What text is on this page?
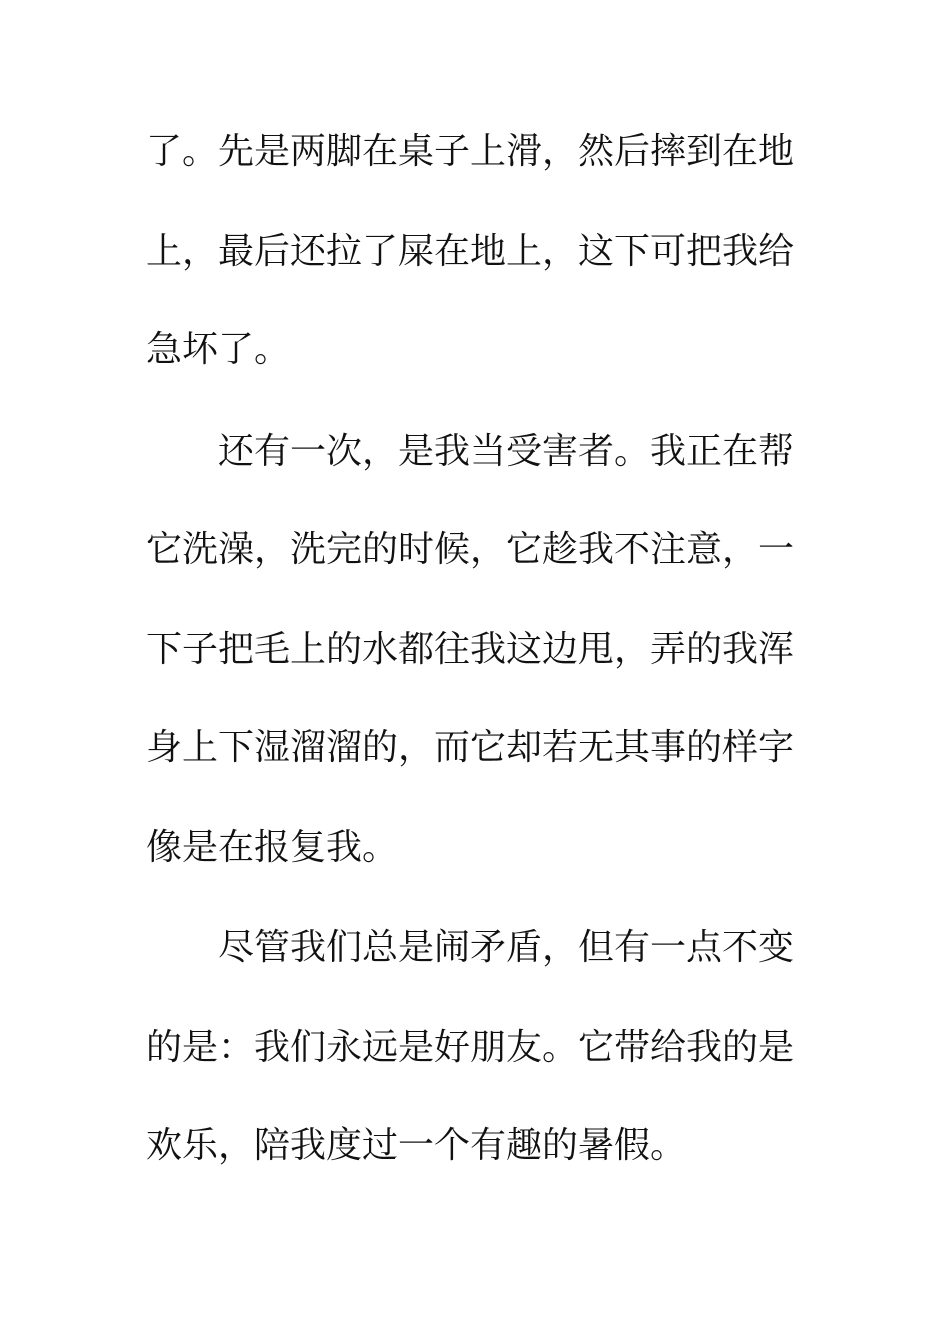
了。先是两脚在桌子上滑，然后摔到在地
上，最后还拉了屎在地上，这下可把我给
急坏了。
还有一次，是我当受害者。我正在帮
它洗澡，洗完的时候，它趁我不注意，一
下子把毛上的水都往我这边甩，弄的我浑
身上下湿溜溜的，而它却若无其事的样字
像是在报复我。
尽管我们总是闹矛盾，但有一点不变
的是：我们永远是好朋友。它带给我的是
欢乐，陪我度过一个有趣的暑假。
